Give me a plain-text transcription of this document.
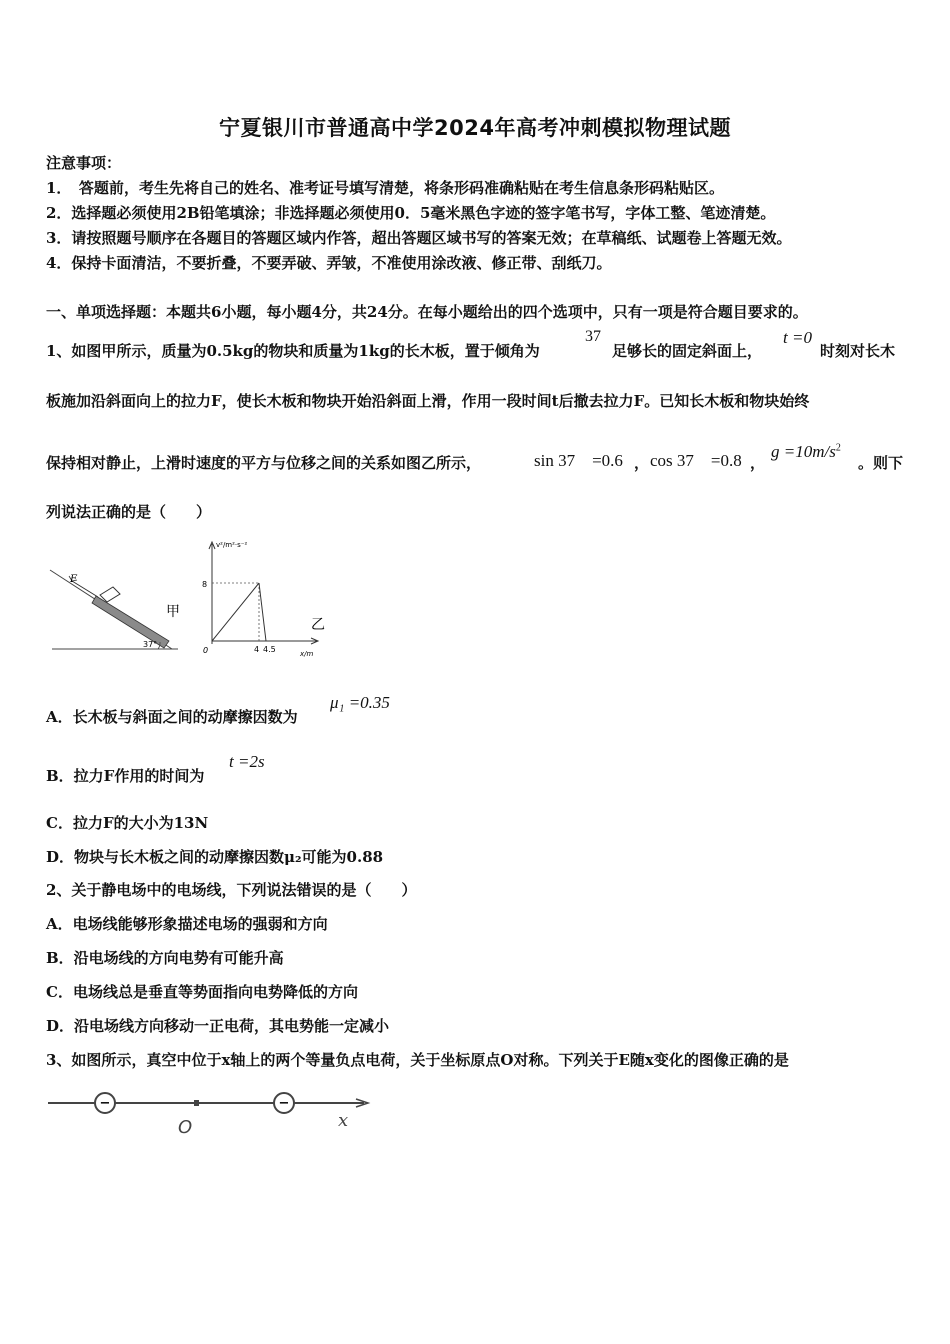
宁夏银川市普通高中学2024年高考冲刺模拟物理试题
注意事项：
1．　答题前，考生先将自己的姓名、准考证号填写清楚，将条形码准确粘贴在考生信息条形码粘贴区。
2．选择题必须使用2B铅笔填涂；非选择题必须使用0．5毫米黑色字迹的签字笔书写，字体工整、笔迹清楚。
3．请按照题号顺序在各题目的答题区域内作答，超出答题区域书写的答案无效；在草稿纸、试题卷上答题无效。
4．保持卡面清洁，不要折叠，不要弄破、弄皱，不准使用涂改液、修正带、刮纸刀。
一、单项选择题：本题共6小题，每小题4分，共24分。在每小题给出的四个选项中，只有一项是符合题目要求的。
1、如图甲所示，质量为0.5kg的物块和质量为1kg的长木板，置于倾角为
37
足够长的固定斜面上，
t =0
时刻对长木
板施加沿斜面向上的拉力F，使长木板和物块开始沿斜面上滑，作用一段时间t后撤去拉力F。已知长木板和物块始终
保持相对静止，上滑时速度的平方与位移之间的关系如图乙所示，	sin 37　=0.6 ， cos 37　=0.8 ，
$g =10m/s^2$
。则下
列说法正确的是（　　）
F
37°
甲
v²/m²·s⁻²
x/m
0
8
4 4.5
乙
A．长木板与斜面之间的动摩擦因数为
μ₁ =0.35
B．拉力F作用的时间为
t =2s
C．拉力F的大小为13N
D．物块与长木板之间的动摩擦因数μ₂可能为0.88
2、关于静电场中的电场线，下列说法错误的是（　　）
A．电场线能够形象描述电场的强弱和方向
B．沿电场线的方向电势有可能升高
C．电场线总是垂直等势面指向电势降低的方向
D．沿电场线方向移动一正电荷，其电势能一定减小
3、如图所示，真空中位于x轴上的两个等量负点电荷，关于坐标原点O对称。下列关于E随x变化的图像正确的是
−	−
O	x
